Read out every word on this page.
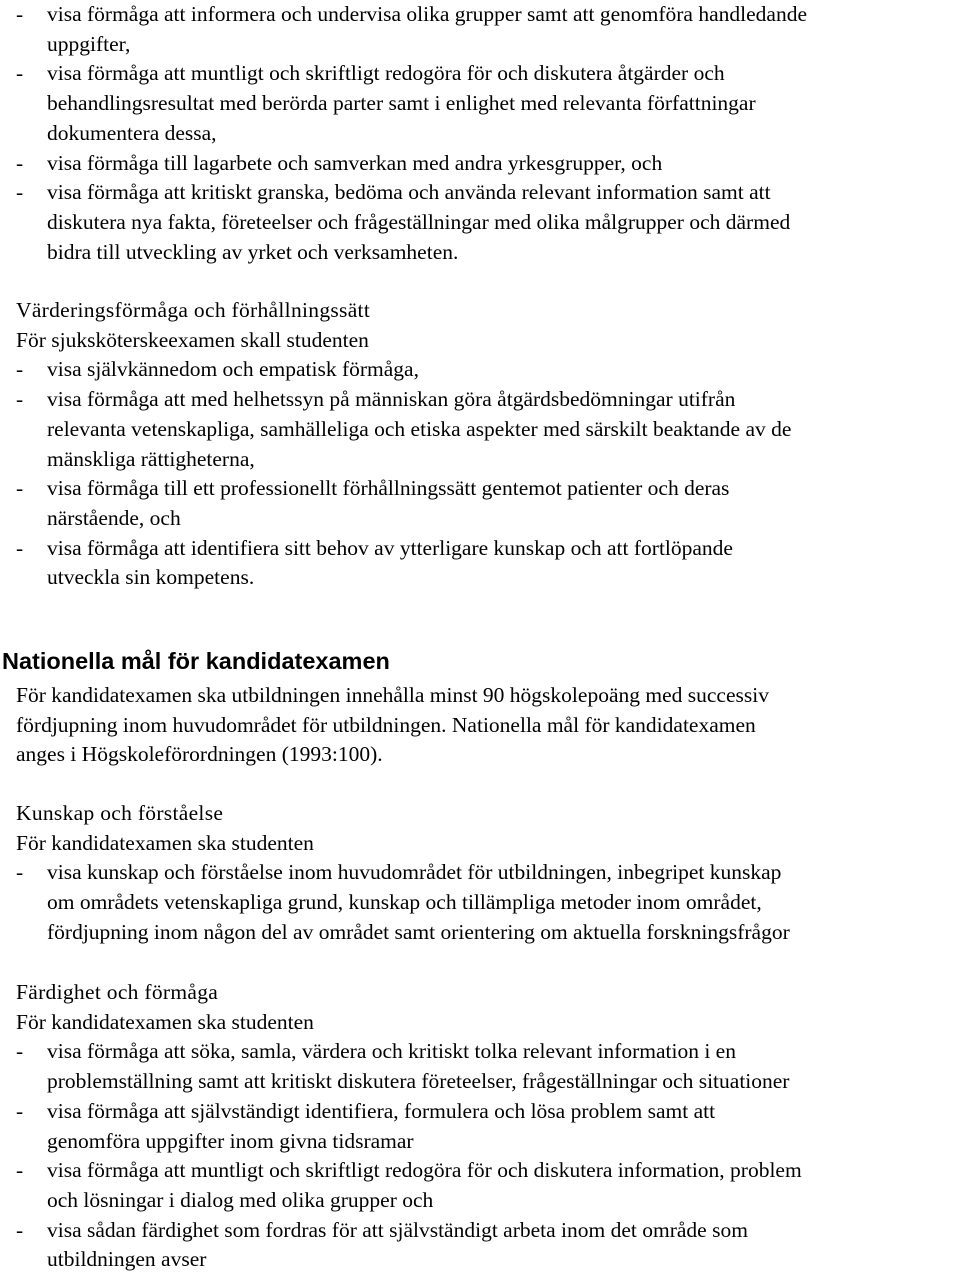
- visa förmåga att informera och undervisa olika grupper samt att genomföra handledande
uppgifter,
- visa förmåga att muntligt och skriftligt redogöra för och diskutera åtgärder och
behandlingsresultat med berörda parter samt i enlighet med relevanta författningar
dokumentera dessa,
- visa förmåga till lagarbete och samverkan med andra yrkesgrupper, och
- visa förmåga att kritiskt granska, bedöma och använda relevant information samt att
diskutera nya fakta, företeelser och frågeställningar med olika målgrupper och därmed
bidra till utveckling av yrket och verksamheten.
Värderingsförmåga och förhållningssätt
För sjuksköterskeexamen skall studenten
- visa självkännedom och empatisk förmåga,
- visa förmåga att med helhetssyn på människan göra åtgärdsbedömningar utifrån
relevanta vetenskapliga, samhälleliga och etiska aspekter med särskilt beaktande av de
mänskliga rättigheterna,
- visa förmåga till ett professionellt förhållningssätt gentemot patienter och deras
närstående, och
- visa förmåga att identifiera sitt behov av ytterligare kunskap och att fortlöpande
utveckla sin kompetens.
Nationella mål för kandidatexamen
För kandidatexamen ska utbildningen innehålla minst 90 högskolepoäng med successiv
fördjupning inom huvudområdet för utbildningen. Nationella mål för kandidatexamen
anges i Högskoleförordningen (1993:100).
Kunskap och förståelse
För kandidatexamen ska studenten
- visa kunskap och förståelse inom huvudområdet för utbildningen, inbegripet kunskap
om områdets vetenskapliga grund, kunskap och tillämpliga metoder inom området,
fördjupning inom någon del av området samt orientering om aktuella forskningsfrågor
Färdighet och förmåga
För kandidatexamen ska studenten
- visa förmåga att söka, samla, värdera och kritiskt tolka relevant information i en
problemställning samt att kritiskt diskutera företeelser, frågeställningar och situationer
- visa förmåga att självständigt identifiera, formulera och lösa problem samt att
genomföra uppgifter inom givna tidsramar
- visa förmåga att muntligt och skriftligt redogöra för och diskutera information, problem
och lösningar i dialog med olika grupper och
- visa sådan färdighet som fordras för att självständigt arbeta inom det område som
utbildningen avser
